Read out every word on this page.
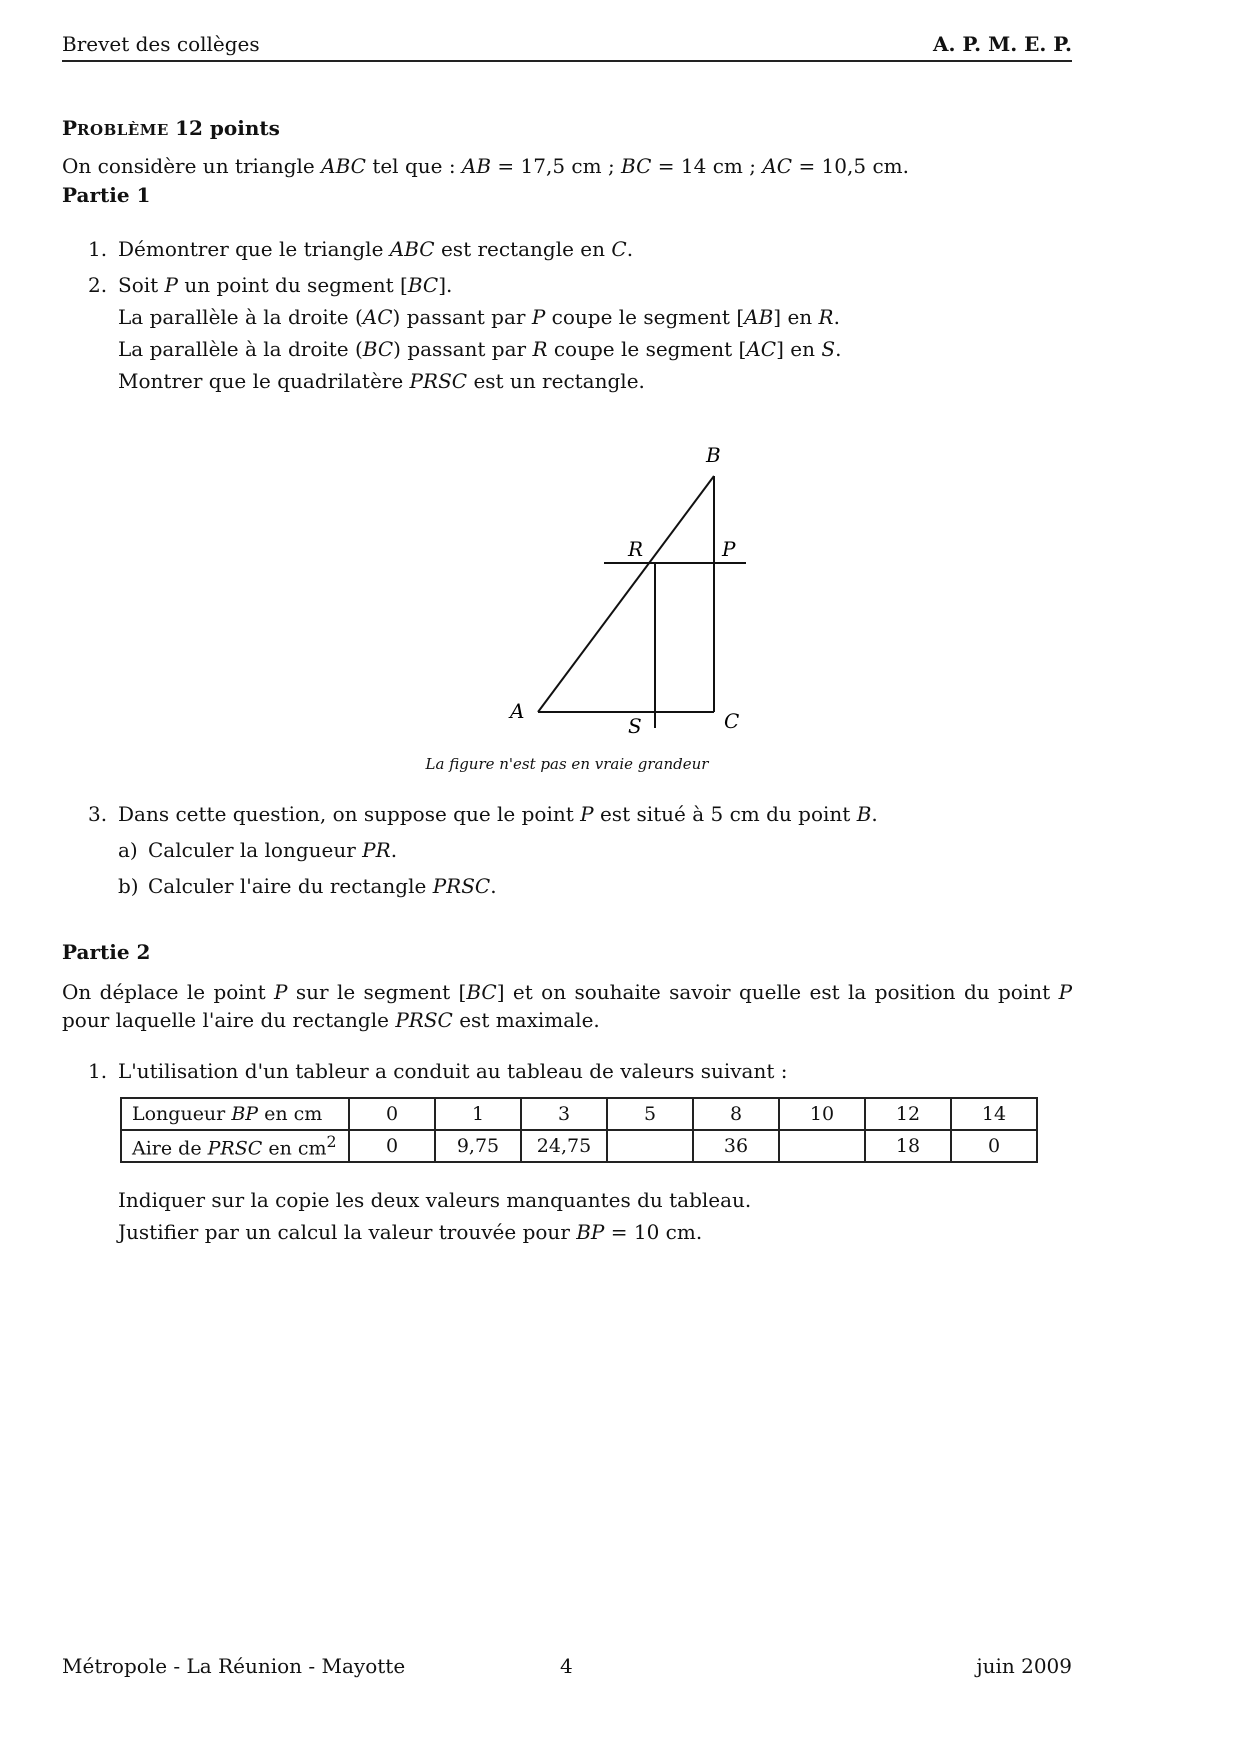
Brevet des collèges	A. P. M. E. P.
PROBLÈME 12 points
On considère un triangle ABC tel que : AB = 17,5 cm ; BC = 14 cm ; AC = 10,5 cm.
Partie 1
1. Démontrer que le triangle ABC est rectangle en C.
2. Soit P un point du segment [BC].
La parallèle à la droite (AC) passant par P coupe le segment [AB] en R.
La parallèle à la droite (BC) passant par R coupe le segment [AC] en S.
Montrer que le quadrilatère PRSC est un rectangle.
B
R	P
A
S	C
La figure n'est pas en vraie grandeur
3. Dans cette question, on suppose que le point P est situé à 5 cm du point B.
a) Calculer la longueur PR.
b) Calculer l'aire du rectangle PRSC.
Partie 2
On déplace le point P sur le segment [BC] et on souhaite savoir quelle est la position du point P pour laquelle l'aire du rectangle PRSC est maximale.
1. L'utilisation d'un tableur a conduit au tableau de valeurs suivant :
Longueur BP en cm	0	1	3	5	8	10	12	14
Aire de PRSC en $cm^2$	0	9,75	24,75		36		18	0
Indiquer sur la copie les deux valeurs manquantes du tableau.
Justifier par un calcul la valeur trouvée pour BP = 10 cm.
Métropole - La Réunion - Mayotte	4	juin 2009
